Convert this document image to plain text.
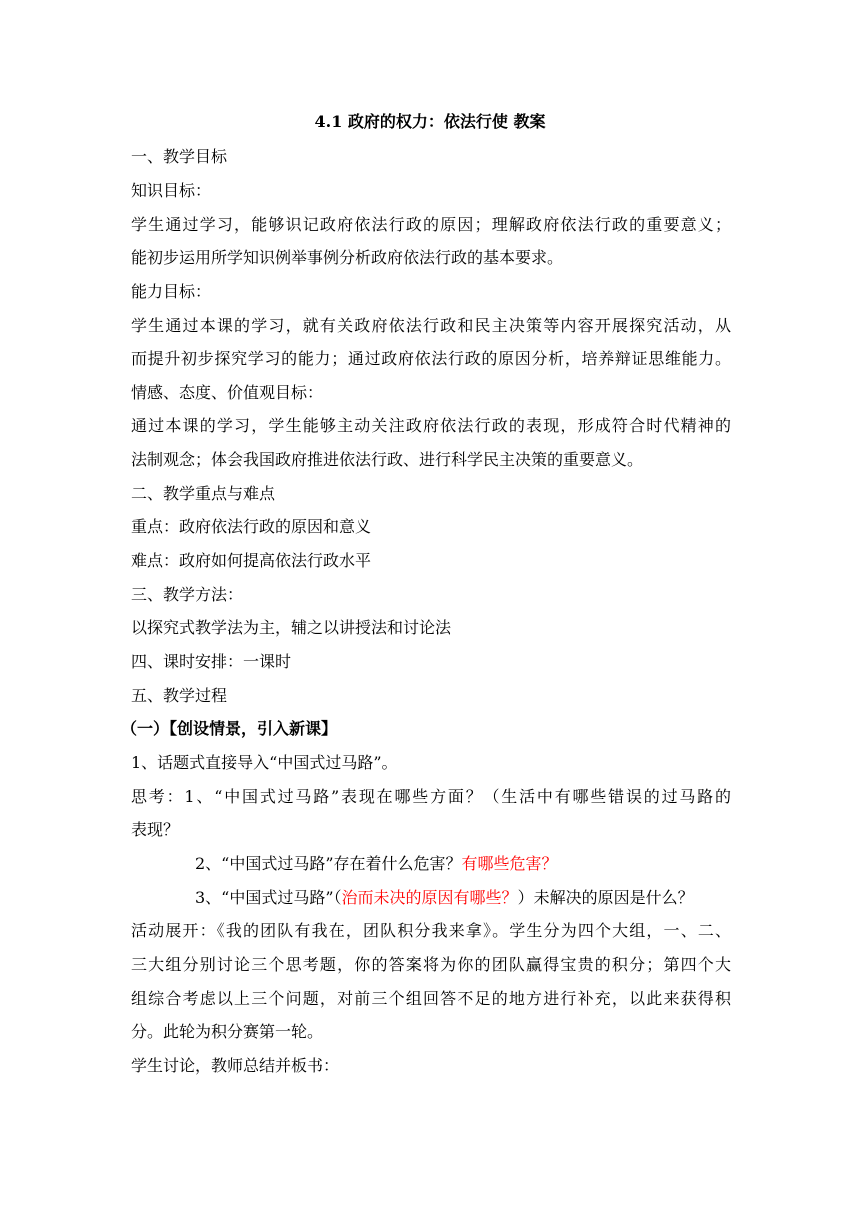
4.1 政府的权力：依法行使 教案
一、教学目标
知识目标：
学生通过学习，能够识记政府依法行政的原因；理解政府依法行政的重要意义；
能初步运用所学知识例举事例分析政府依法行政的基本要求。
能力目标：
学生通过本课的学习，就有关政府依法行政和民主决策等内容开展探究活动，从
而提升初步探究学习的能力；通过政府依法行政的原因分析，培养辩证思维能力。
情感、态度、价值观目标：
通过本课的学习，学生能够主动关注政府依法行政的表现，形成符合时代精神的
法制观念；体会我国政府推进依法行政、进行科学民主决策的重要意义。
二、教学重点与难点
重点：政府依法行政的原因和意义
难点：政府如何提高依法行政水平
三、教学方法：
以探究式教学法为主，辅之以讲授法和讨论法
四、课时安排：一课时
五、教学过程
（一）【创设情景，引入新课】
1、话题式直接导入“中国式过马路”。
思考：1、“中国式过马路”表现在哪些方面？（生活中有哪些错误的过马路的
表现？
2、“中国式过马路”存在着什么危害？有哪些危害？
3、“中国式过马路”（治而未决的原因有哪些？）未解决的原因是什么？
活动展开：《我的团队有我在，团队积分我来拿》。学生分为四个大组，一、二、
三大组分别讨论三个思考题，你的答案将为你的团队赢得宝贵的积分；第四个大
组综合考虑以上三个问题，对前三个组回答不足的地方进行补充，以此来获得积
分。此轮为积分赛第一轮。
学生讨论，教师总结并板书：
